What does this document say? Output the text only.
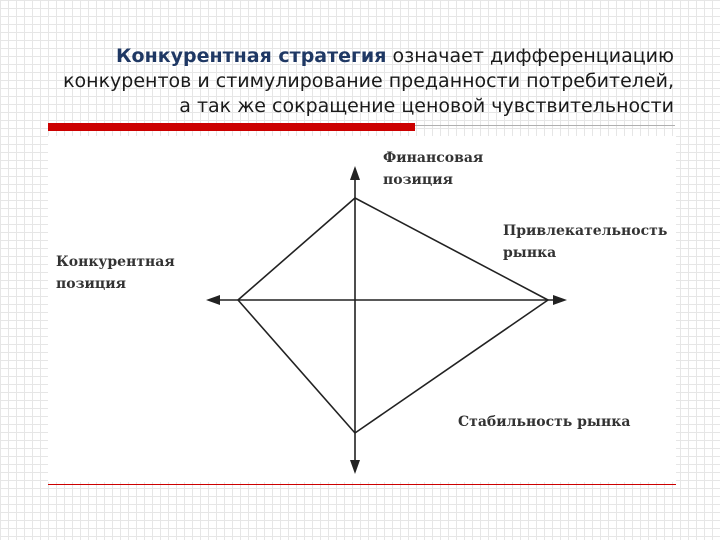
Конкурентная стратегия означает дифференциацию
конкурентов и стимулирование преданности потребителей,
а так же сокращение ценовой чувствительности
Финансовая
позиция
Конкурентная
позиция
Привлекательность
рынка
Стабильность рынка
